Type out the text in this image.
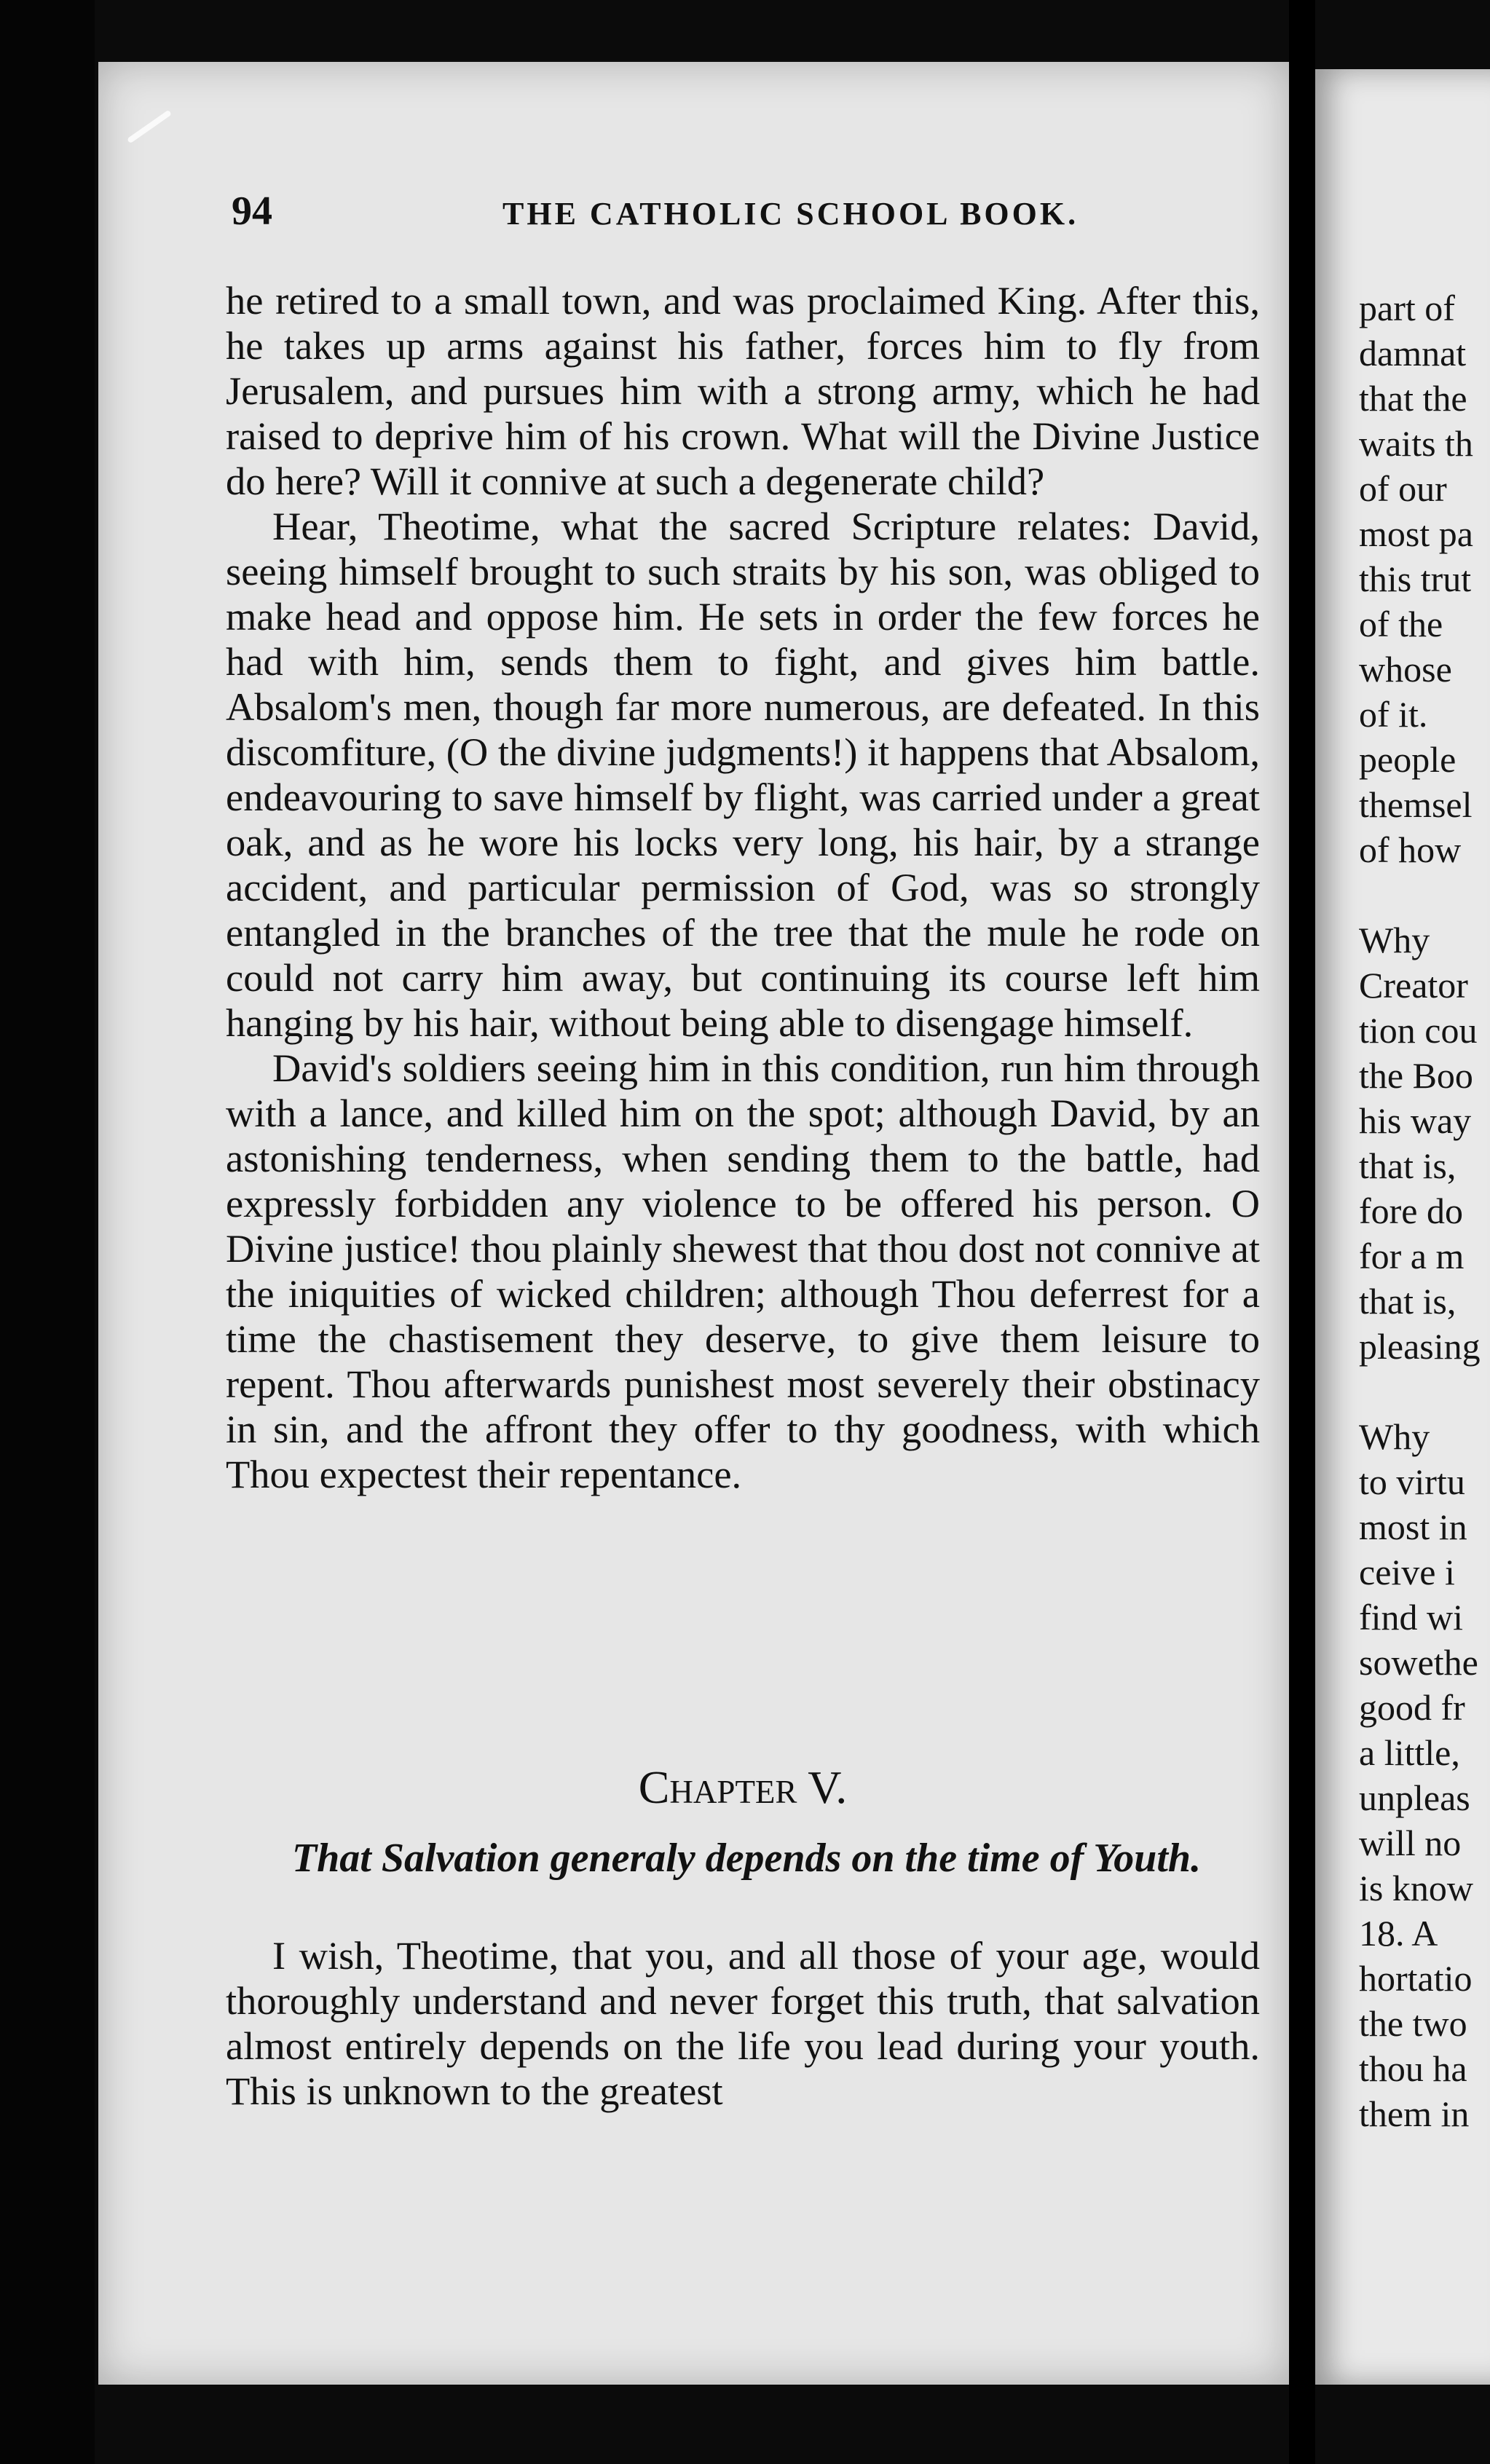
94	THE CATHOLIC SCHOOL BOOK.

he retired to a small town, and was proclaimed King. After this, he takes up arms against his father, forces him to fly from Jerusalem, and pursues him with a strong army, which he had raised to deprive him of his crown. What will the Divine Justice do here? Will it connive at such a degenerate child?

Hear, Theotime, what the sacred Scripture relates: David, seeing himself brought to such straits by his son, was obliged to make head and oppose him. He sets in order the few forces he had with him, sends them to fight, and gives him battle. Absalom's men, though far more numerous, are defeated. In this discomfiture, (O the divine judgments!) it happens that Absalom, endeavouring to save himself by flight, was carried under a great oak, and as he wore his locks very long, his hair, by a strange accident, and particular permission of God, was so strongly entangled in the branches of the tree that the mule he rode on could not carry him away, but continuing its course left him hanging by his hair, without being able to disengage himself.

David's soldiers seeing him in this condition, run him through with a lance, and killed him on the spot; although David, by an astonishing tenderness, when sending them to the battle, had expressly forbidden any violence to be offered his person. O Divine justice! thou plainly shewest that thou dost not connive at the iniquities of wicked children; although Thou deferrest for a time the chastisement they deserve, to give them leisure to repent. Thou afterwards punishest most severely their obstinacy in sin, and the affront they offer to thy goodness, with which Thou expectest their repentance.

Chapter V.
That Salvation generaly depends on the time of Youth.

I wish, Theotime, that you, and all those of your age, would thoroughly understand and never forget this truth, that salvation almost entirely depends on the life you lead during your youth. This is unknown to the greatest

part of
damnat
that the
waits th
of our
most pa
this trut
of the
whose
of it.
people
themsel
of how
Why
Creator
tion cou
the Boo
his way
that is,
fore do
for a m
that is,
pleasing
Why
to virtu
most in
ceive i
find wi
sowethe
good fr
a little,
unpleas
will no
is know
18. A
hortatio
the two
thou ha
them in
